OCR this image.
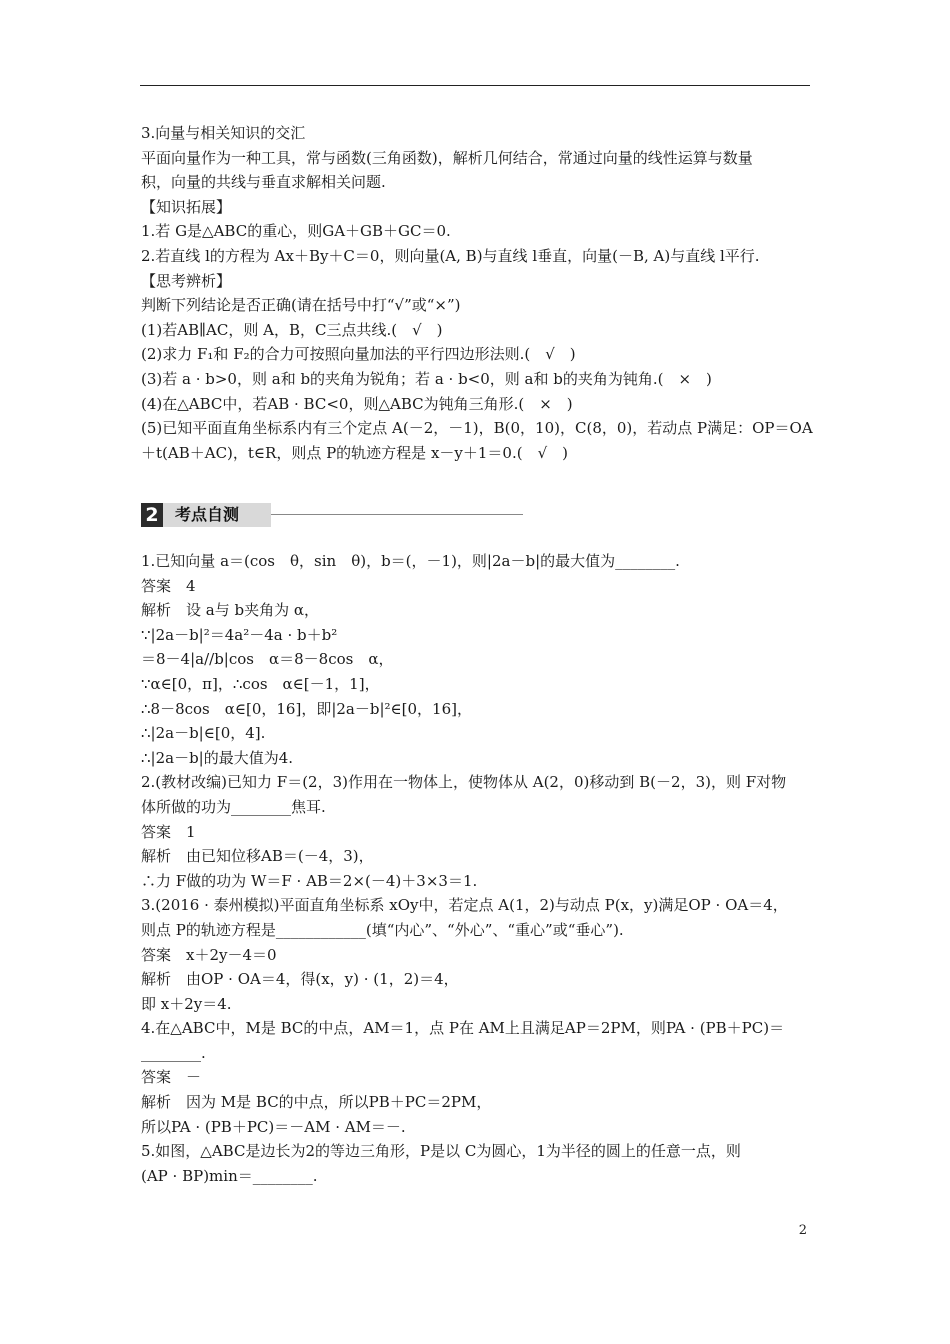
3.向量与相关知识的交汇
平面向量作为一种工具，常与函数(三角函数)，解析几何结合，常通过向量的线性运算与数量
积，向量的共线与垂直求解相关问题.
【知识拓展】
1.若 G是△ABC的重心，则GA＋GB＋GC＝0.
2.若直线 l的方程为 Ax＋By＋C＝0，则向量(A, B)与直线 l垂直，向量(－B, A)与直线 l平行.
【思考辨析】
判断下列结论是否正确(请在括号中打“√”或“×”)
(1)若AB∥AC，则 A，B，C三点共线.(　√　)
(2)求力 F₁和 F₂的合力可按照向量加法的平行四边形法则.(　√　)
(3)若 a · b>0，则 a和 b的夹角为锐角；若 a · b<0，则 a和 b的夹角为钝角.(　×　)
(4)在△ABC中，若AB · BC<0，则△ABC为钝角三角形.(　×　)
(5)已知平面直角坐标系内有三个定点 A(－2，－1)，B(0，10)，C(8，0)，若动点 P满足：OP＝OA
＋t(AB＋AC)，t∈R，则点 P的轨迹方程是 x－y＋1＝0.(　√　)
2	考点自测
1.已知向量 a＝(cos　θ，sin　θ)，b＝(，－1)，则|2a－b|的最大值为________.
答案　4
解析　设 a与 b夹角为 α，
∵|2a－b|²＝4a²－4a · b＋b²
＝8－4|a//b|cos　α＝8－8cos　α，
∵α∈[0，π]，∴cos　α∈[－1，1]，
∴8－8cos　α∈[0，16]，即|2a－b|²∈[0，16]，
∴|2a－b|∈[0，4].
∴|2a－b|的最大值为4.
2.(教材改编)已知力 F＝(2，3)作用在一物体上，使物体从 A(2，0)移动到 B(－2，3)，则 F对物
体所做的功为________焦耳.
答案　1
解析　由已知位移AB＝(－4，3)，
∴力 F做的功为 W＝F · AB＝2×(－4)＋3×3＝1.
3.(2016 · 泰州模拟)平面直角坐标系 xOy中，若定点 A(1，2)与动点 P(x，y)满足OP · OA＝4，
则点 P的轨迹方程是____________(填“内心”、“外心”、“重心”或“垂心”).
答案　x＋2y－4＝0
解析　由OP · OA＝4，得(x，y) · (1，2)＝4，
即 x＋2y＝4.
4.在△ABC中，M是 BC的中点，AM＝1，点 P在 AM上且满足AP＝2PM，则PA · (PB＋PC)＝
________.
答案　－
解析　因为 M是 BC的中点，所以PB＋PC＝2PM，
所以PA · (PB＋PC)＝－AM · AM＝－.
5.如图，△ABC是边长为2的等边三角形，P是以 C为圆心，1为半径的圆上的任意一点，则
(AP · BP)min＝________.
2
